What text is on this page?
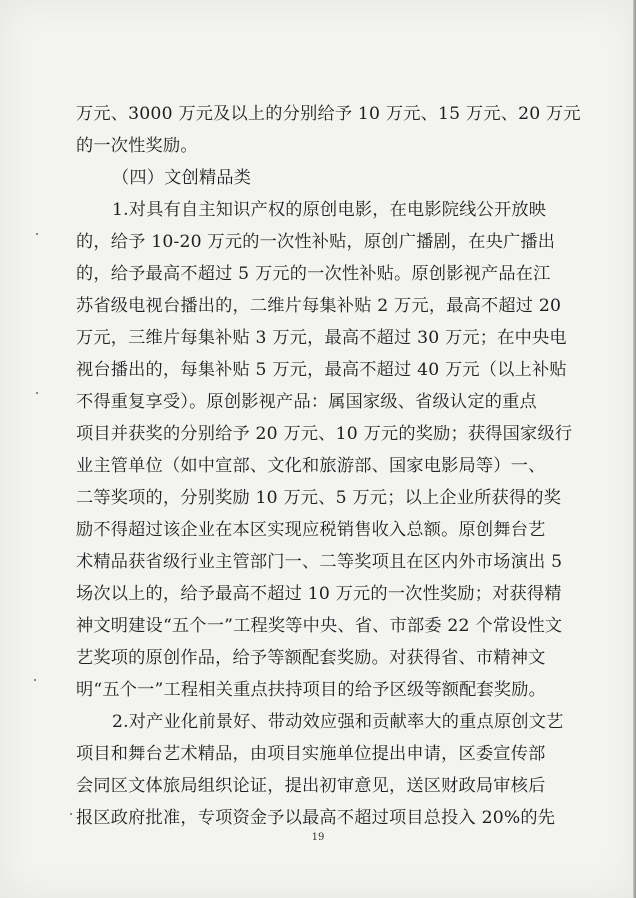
万元、3000 万元及以上的分别给予 10 万元、15 万元、20 万元
的一次性奖励。
（四）文创精品类
1.对具有自主知识产权的原创电影，在电影院线公开放映
的，给予 10-20 万元的一次性补贴，原创广播剧，在央广播出
的，给予最高不超过 5 万元的一次性补贴。原创影视产品在江
苏省级电视台播出的，二维片每集补贴 2 万元，最高不超过 20
万元，三维片每集补贴 3 万元，最高不超过 30 万元；在中央电
视台播出的，每集补贴 5 万元，最高不超过 40 万元（以上补贴
不得重复享受）。原创影视产品：属国家级、省级认定的重点
项目并获奖的分别给予 20 万元、10 万元的奖励；获得国家级行
业主管单位（如中宣部、文化和旅游部、国家电影局等）一、
二等奖项的，分别奖励 10 万元、5 万元；以上企业所获得的奖
励不得超过该企业在本区实现应税销售收入总额。原创舞台艺
术精品获省级行业主管部门一、二等奖项且在区内外市场演出 5
场次以上的，给予最高不超过 10 万元的一次性奖励；对获得精
神文明建设“五个一”工程奖等中央、省、市部委 22 个常设性文
艺奖项的原创作品，给予等额配套奖励。对获得省、市精神文
明“五个一”工程相关重点扶持项目的给予区级等额配套奖励。
2.对产业化前景好、带动效应强和贡献率大的重点原创文艺
项目和舞台艺术精品，由项目实施单位提出申请，区委宣传部
会同区文体旅局组织论证，提出初审意见，送区财政局审核后
报区政府批准，专项资金予以最高不超过项目总投入 20%的先
19
